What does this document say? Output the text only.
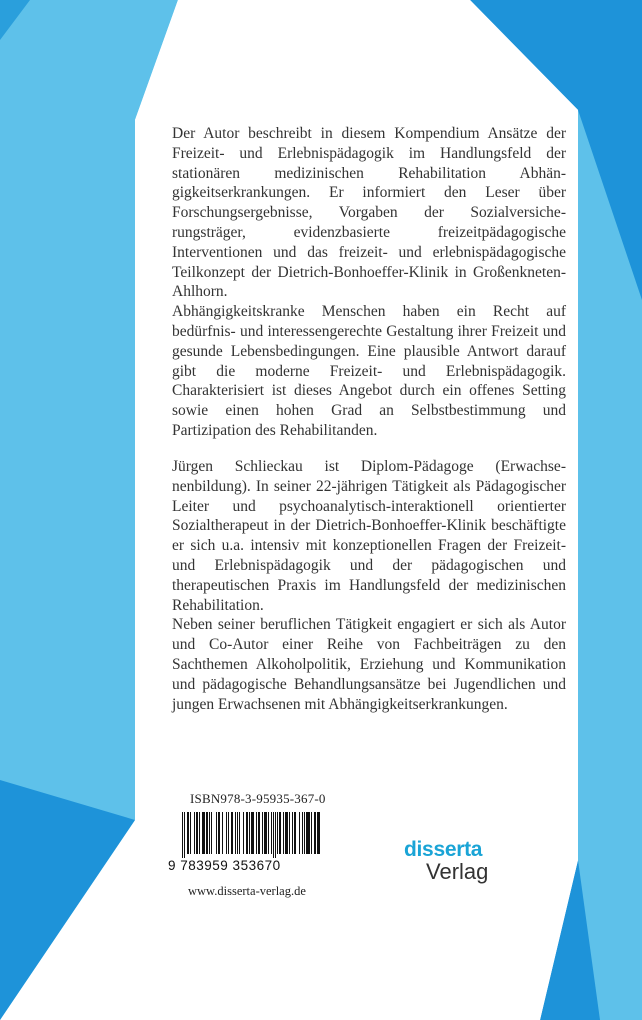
Der Autor beschreibt in diesem Kompendium Ansätze der Freizeit- und Erlebnispädagogik im Handlungsfeld der stationären medizinischen Rehabilitation Abhängigkeitserkrankungen. Er informiert den Leser über Forschungsergebnisse, Vorgaben der Sozialversicherungsträger, evidenzbasierte freizeitpädagogische Interventionen und das freizeit- und erlebnispädagogische Teilkonzept der Dietrich-Bonhoeffer-Klinik in Großenkneten-Ahlhorn.

Abhängigkeitskranke Menschen haben ein Recht auf bedürfnis- und interessengerechte Gestaltung ihrer Freizeit und gesunde Lebensbedingungen. Eine plausible Antwort darauf gibt die moderne Freizeit- und Erlebnispädagogik. Charakterisiert ist dieses Angebot durch ein offenes Setting sowie einen hohen Grad an Selbstbestimmung und Partizipation des Rehabilitanden.

Jürgen Schlieckau ist Diplom-Pädagoge (Erwachsenenbildung). In seiner 22-jährigen Tätigkeit als Pädagogischer Leiter und psychoanalytisch-interaktionell orientierter Sozialtherapeut in der Dietrich-Bonhoeffer-Klinik beschäftigte er sich u.a. intensiv mit konzeptionellen Fragen der Freizeit- und Erlebnispädagogik und der pädagogischen und therapeutischen Praxis im Handlungsfeld der medizinischen Rehabilitation.

Neben seiner beruflichen Tätigkeit engagiert er sich als Autor und Co-Autor einer Reihe von Fachbeiträgen zu den Sachthemen Alkoholpolitik, Erziehung und Kommunikation und pädagogische Behandlungsansätze bei Jugendlichen und jungen Erwachsenen mit Abhängigkeitserkrankungen.

ISBN978-3-95935-367-0
9 783959 353670
www.disserta-verlag.de
disserta
Verlag
